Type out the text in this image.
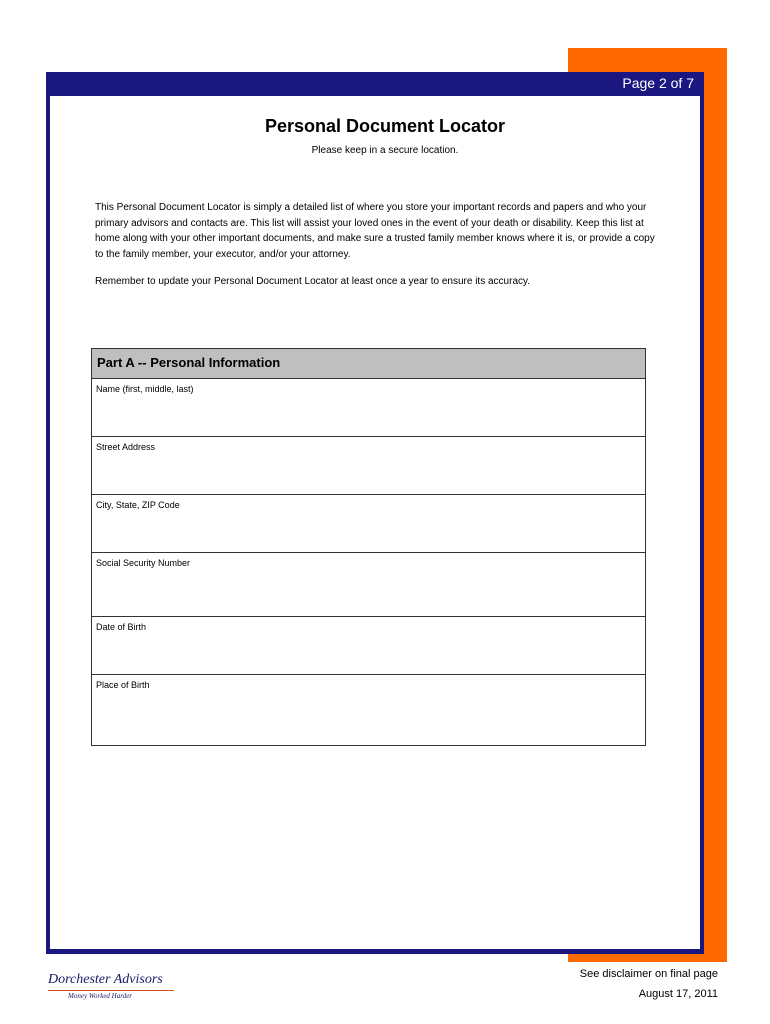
Page 2 of 7
Personal Document Locator
Please keep in a secure location.

This Personal Document Locator is simply a detailed list of where you store your important records and papers and who your primary advisors and contacts are. This list will assist your loved ones in the event of your death or disability. Keep this list at home along with your other important documents, and make sure a trusted family member knows where it is, or provide a copy to the family member, your executor, and/or your attorney.

Remember to update your Personal Document Locator at least once a year to ensure its accuracy.

Part A -- Personal Information
Name (first, middle, last)
Street Address
City, State, ZIP Code
Social Security Number
Date of Birth
Place of Birth
Dorchester Advisors
Money Worked Harder
See disclaimer on final page
August 17, 2011
